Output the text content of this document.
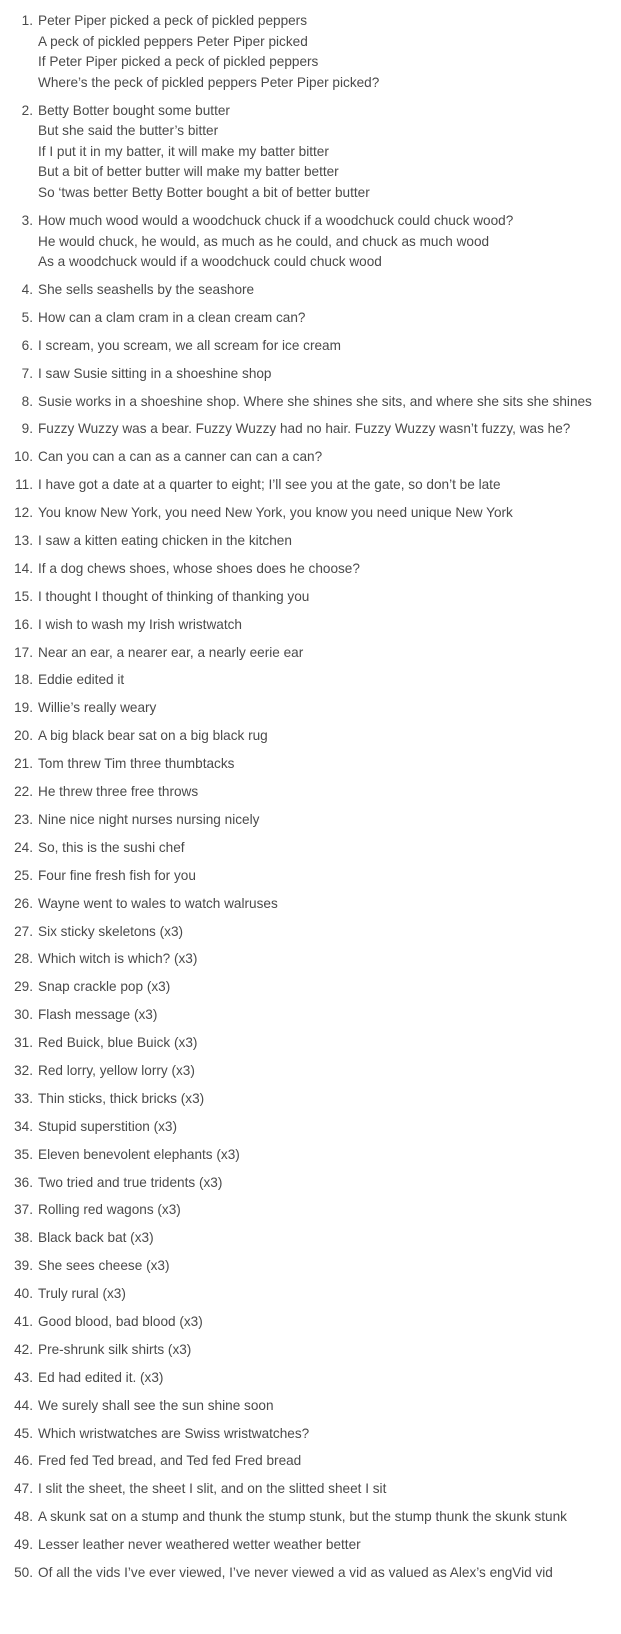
1. Peter Piper picked a peck of pickled peppers
A peck of pickled peppers Peter Piper picked
If Peter Piper picked a peck of pickled peppers
Where’s the peck of pickled peppers Peter Piper picked?
2. Betty Botter bought some butter
But she said the butter’s bitter
If I put it in my batter, it will make my batter bitter
But a bit of better butter will make my batter better
So ‘twas better Betty Botter bought a bit of better butter
3. How much wood would a woodchuck chuck if a woodchuck could chuck wood?
He would chuck, he would, as much as he could, and chuck as much wood
As a woodchuck would if a woodchuck could chuck wood
4. She sells seashells by the seashore
5. How can a clam cram in a clean cream can?
6. I scream, you scream, we all scream for ice cream
7. I saw Susie sitting in a shoeshine shop
8. Susie works in a shoeshine shop. Where she shines she sits, and where she sits she shines
9. Fuzzy Wuzzy was a bear. Fuzzy Wuzzy had no hair. Fuzzy Wuzzy wasn’t fuzzy, was he?
10. Can you can a can as a canner can can a can?
11. I have got a date at a quarter to eight; I’ll see you at the gate, so don’t be late
12. You know New York, you need New York, you know you need unique New York
13. I saw a kitten eating chicken in the kitchen
14. If a dog chews shoes, whose shoes does he choose?
15. I thought I thought of thinking of thanking you
16. I wish to wash my Irish wristwatch
17. Near an ear, a nearer ear, a nearly eerie ear
18. Eddie edited it
19. Willie’s really weary
20. A big black bear sat on a big black rug
21. Tom threw Tim three thumbtacks
22. He threw three free throws
23. Nine nice night nurses nursing nicely
24. So, this is the sushi chef
25. Four fine fresh fish for you
26. Wayne went to wales to watch walruses
27. Six sticky skeletons (x3)
28. Which witch is which? (x3)
29. Snap crackle pop (x3)
30. Flash message (x3)
31. Red Buick, blue Buick (x3)
32. Red lorry, yellow lorry (x3)
33. Thin sticks, thick bricks (x3)
34. Stupid superstition (x3)
35. Eleven benevolent elephants (x3)
36. Two tried and true tridents (x3)
37. Rolling red wagons (x3)
38. Black back bat (x3)
39. She sees cheese (x3)
40. Truly rural (x3)
41. Good blood, bad blood (x3)
42. Pre-shrunk silk shirts (x3)
43. Ed had edited it. (x3)
44. We surely shall see the sun shine soon
45. Which wristwatches are Swiss wristwatches?
46. Fred fed Ted bread, and Ted fed Fred bread
47. I slit the sheet, the sheet I slit, and on the slitted sheet I sit
48. A skunk sat on a stump and thunk the stump stunk, but the stump thunk the skunk stunk
49. Lesser leather never weathered wetter weather better
50. Of all the vids I’ve ever viewed, I’ve never viewed a vid as valued as Alex’s engVid vid
